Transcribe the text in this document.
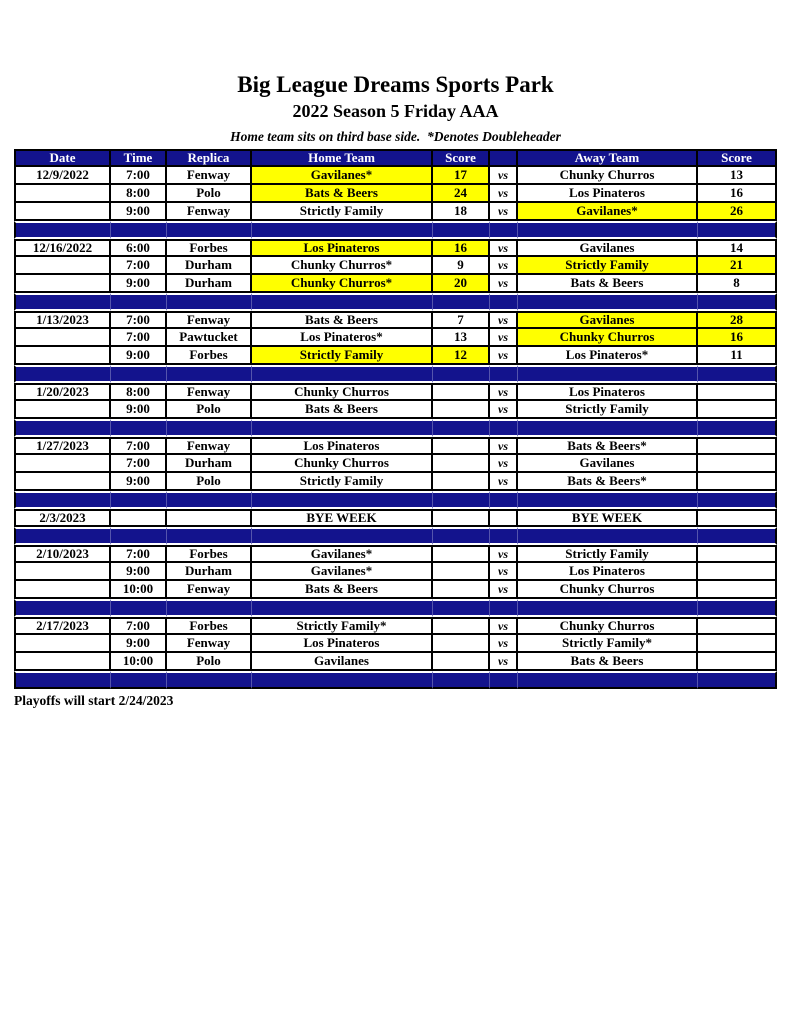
Big League Dreams Sports Park
2022 Season 5 Friday AAA
Home team sits on third base side.  *Denotes Doubleheader
Date	Time	Replica	Home Team	Score		Away Team	Score
12/9/2022	7:00	Fenway	Gavilanes*	17	vs	Chunky Churros	13
	8:00	Polo	Bats & Beers	24	vs	Los Pinateros	16
	9:00	Fenway	Strictly Family	18	vs	Gavilanes*	26

12/16/2022	6:00	Forbes	Los Pinateros	16	vs	Gavilanes	14
	7:00	Durham	Chunky Churros*	9	vs	Strictly Family	21
	9:00	Durham	Chunky Churros*	20	vs	Bats & Beers	8

1/13/2023	7:00	Fenway	Bats & Beers	7	vs	Gavilanes	28
	7:00	Pawtucket	Los Pinateros*	13	vs	Chunky Churros	16
	9:00	Forbes	Strictly Family	12	vs	Los Pinateros*	11

1/20/2023	8:00	Fenway	Chunky Churros		vs	Los Pinateros	
	9:00	Polo	Bats & Beers		vs	Strictly Family	

1/27/2023	7:00	Fenway	Los Pinateros		vs	Bats & Beers*	
	7:00	Durham	Chunky Churros		vs	Gavilanes	
	9:00	Polo	Strictly Family		vs	Bats & Beers*	

2/3/2023			BYE WEEK			BYE WEEK	

2/10/2023	7:00	Forbes	Gavilanes*		vs	Strictly Family	
	9:00	Durham	Gavilanes*		vs	Los Pinateros	
	10:00	Fenway	Bats & Beers		vs	Chunky Churros	

2/17/2023	7:00	Forbes	Strictly Family*		vs	Chunky Churros	
	9:00	Fenway	Los Pinateros		vs	Strictly Family*	
	10:00	Polo	Gavilanes		vs	Bats & Beers	

Playoffs will start 2/24/2023
